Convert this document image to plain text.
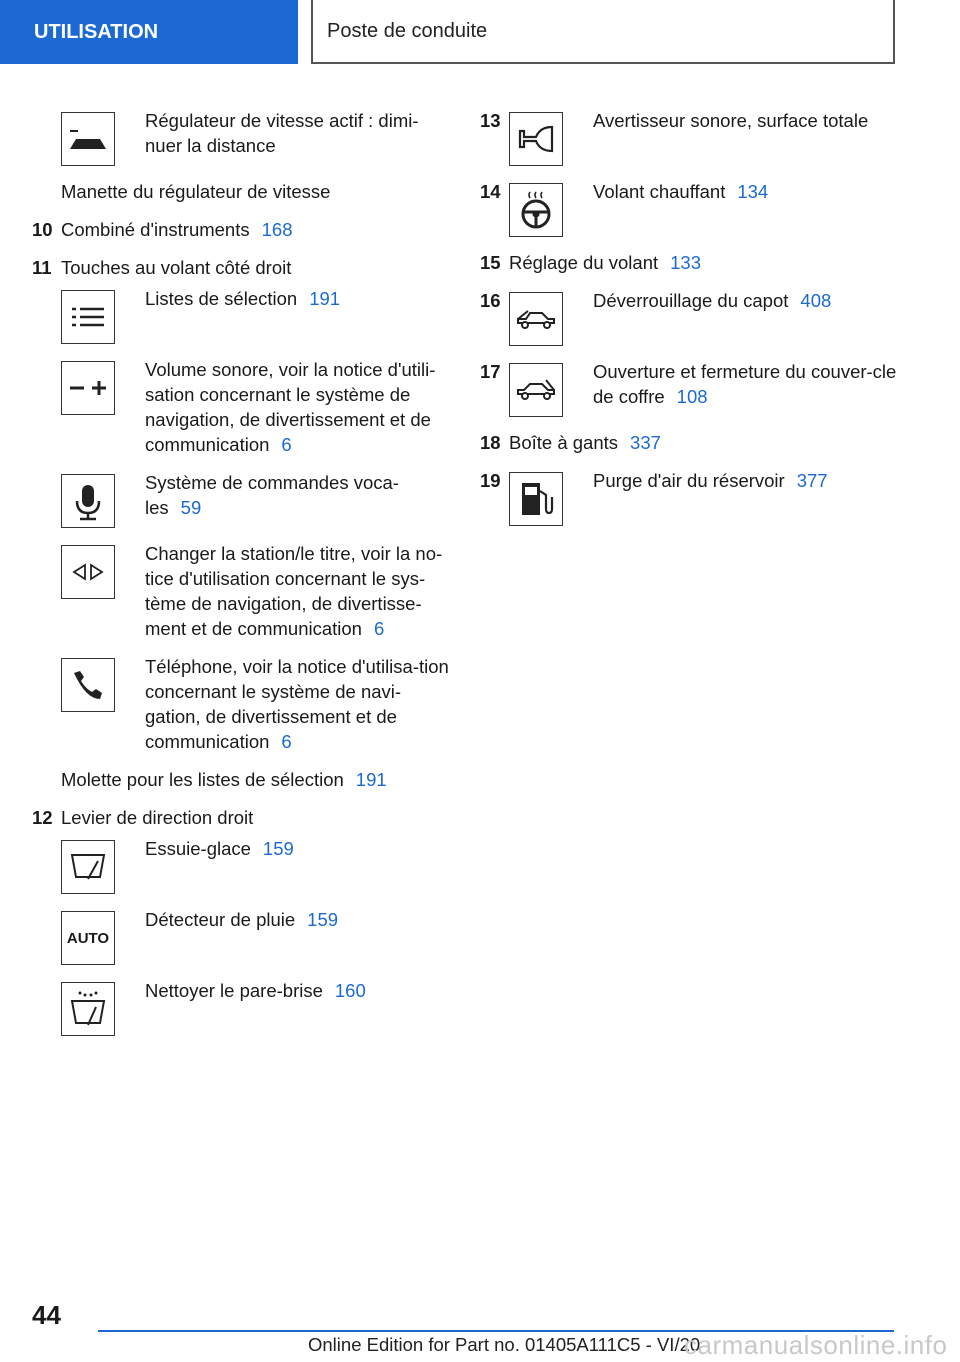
UTILISATION	Poste de conduite
Régulateur de vitesse actif : dimi-nuer la distance
Manette du régulateur de vitesse
10 Combiné d'instruments 168
11 Touches au volant côté droit
Listes de sélection 191
Volume sonore, voir la notice d'utili-sation concernant le système de navigation, de divertissement et de communication 6
Système de commandes voca-les 59
Changer la station/le titre, voir la no-tice d'utilisation concernant le sys-tème de navigation, de divertisse-ment et de communication 6
Téléphone, voir la notice d'utilisa-tion concernant le système de navi-gation, de divertissement et de communication 6
Molette pour les listes de sélection 191
12 Levier de direction droit
Essuie-glace 159
AUTO
Détecteur de pluie 159
Nettoyer le pare-brise 160
13	Avertisseur sonore, surface totale
14	Volant chauffant 134
15 Réglage du volant 133
16	Déverrouillage du capot 408
17	Ouverture et fermeture du couver-cle de coffre 108
18 Boîte à gants 337
19	Purge d'air du réservoir 377
44
Online Edition for Part no. 01405A111C5 - VI/20
carmanualsonline.info
